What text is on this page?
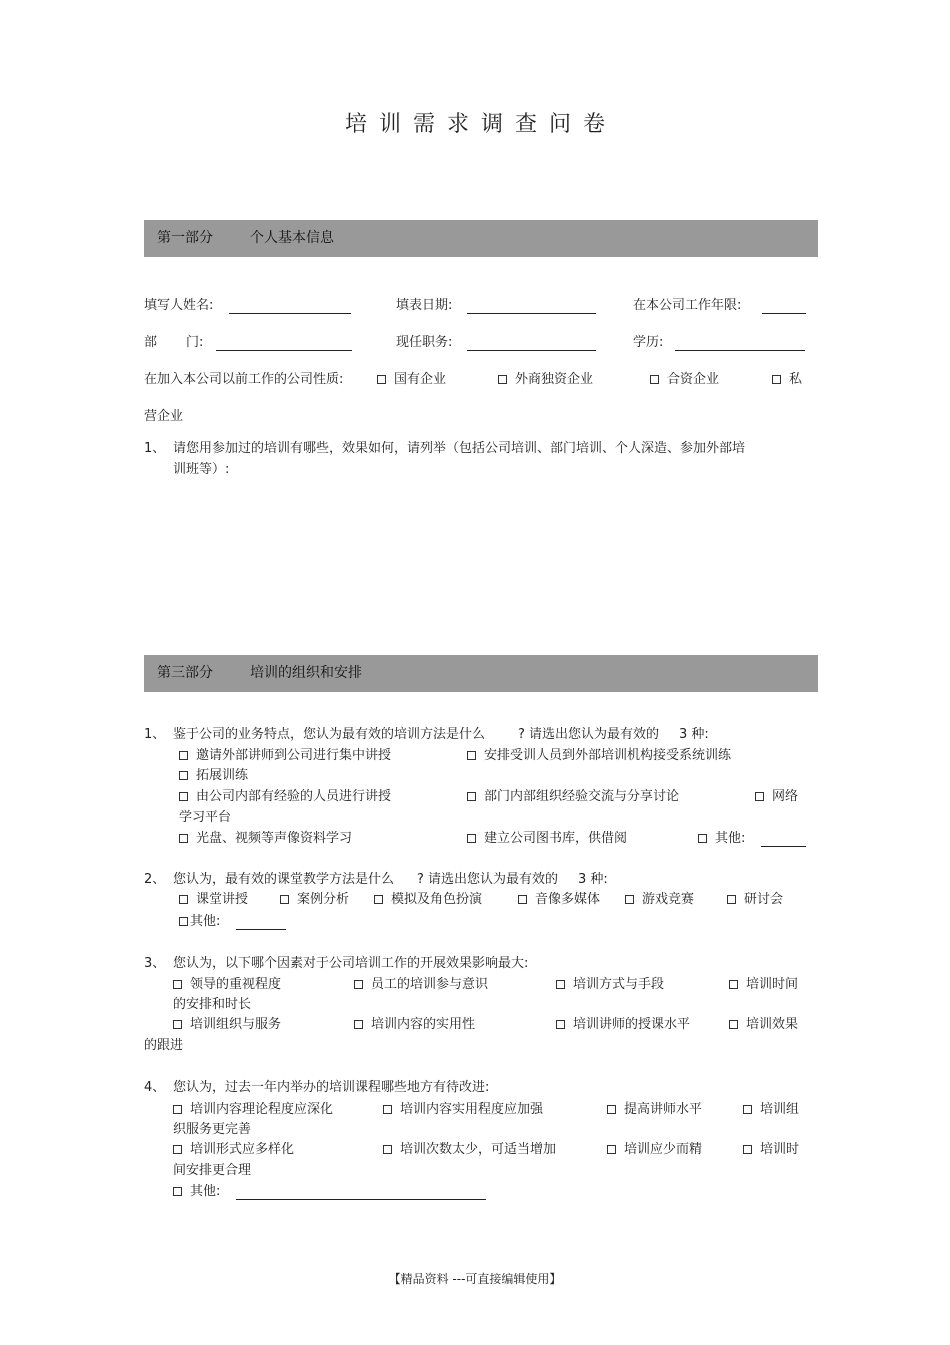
培训需求调查问卷
第一部分	个人基本信息
填写人姓名:	填表日期:	在本公司工作年限:
部 门:	现任职务:	学历:
在加入本公司以前工作的公司性质:	国有企业	外商独资企业	合资企业	私
营企业
1、 请您用参加过的培训有哪些，效果如何，请列举（包括公司培训、部门培训、个人深造、参加外部培
训班等）:
第三部分	培训的组织和安排
1、 鉴于公司的业务特点，您认为最有效的培训方法是什么	? 请选出您认为最有效的 3 种:
邀请外部讲师到公司进行集中讲授	安排受训人员到外部培训机构接受系统训练
拓展训练
由公司内部有经验的人员进行讲授	部门内部组织经验交流与分享讨论	网络
学习平台
光盘、视频等声像资料学习	建立公司图书库，供借阅	其他:
2、 您认为，最有效的课堂教学方法是什么 ? 请选出您认为最有效的 3 种:
课堂讲授	案例分析	模拟及角色扮演	音像多媒体	游戏竞赛	研讨会
其他:
3、 您认为，以下哪个因素对于公司培训工作的开展效果影响最大:
领导的重视程度	员工的培训参与意识	培训方式与手段	培训时间
的安排和时长
培训组织与服务	培训内容的实用性	培训讲师的授课水平	培训效果
的跟进
4、 您认为，过去一年内举办的培训课程哪些地方有待改进:
培训内容理论程度应深化	培训内容实用程度应加强	提高讲师水平	培训组
织服务更完善
培训形式应多样化	培训次数太少，可适当增加	培训应少而精	培训时
间安排更合理
其他:
【精品资料 ---可直接编辑使用】
